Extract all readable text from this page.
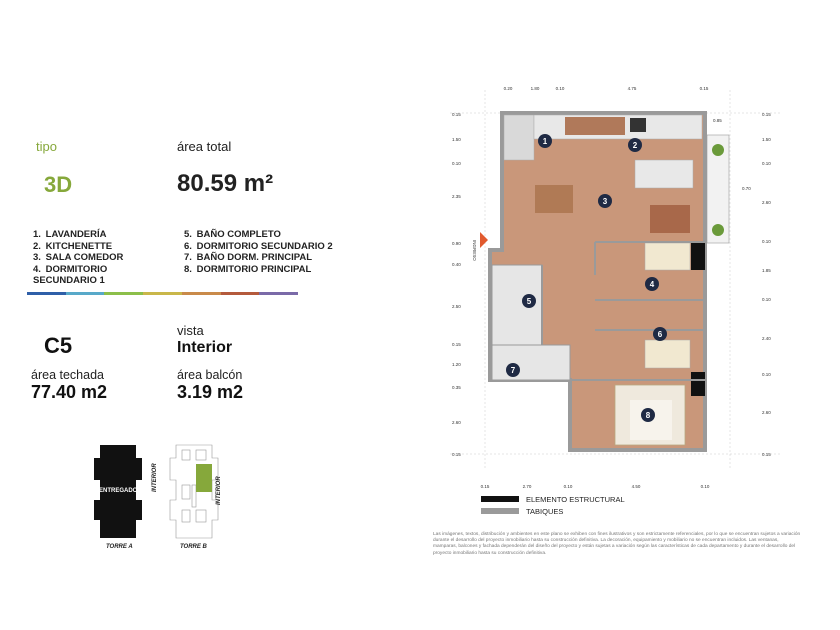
tipo
3D
área total
80.59 m²
1. LAVANDERÍA
2. KITCHENETTE
3. SALA COMEDOR
4. DORMITORIO SECUNDARIO 1
5. BAÑO COMPLETO
6. DORMITORIO SECUNDARIO 2
7. BAÑO DORM. PRINCIPAL
8. DORMITORIO PRINCIPAL
C5
vista
Interior
área techada
77.40 m2
área balcón
3.19 m2
ENTREGADO INTERIOR	INTERIOR
TORRE A	TORRE B
1	2
3
4
5
6
7
8
INGRESO
0.20	1.80	0.10	4.75	0.15
0.15	2.70	0.10	4.50	0.10
0.15
1.50
0.10
2.35
0.90
0.40
2.50
0.15
1.20
0.35
2.60
0.15
0.15
1.50
0.10
2.60
0.10
1.85
0.10
2.40
0.10
2.60
0.15
0.85
0.70
ELEMENTO ESTRUCTURAL
TABIQUES
Las imágenes, textos, distribución y ambientes en este plano se exhiben con fines ilustrativos y son estrictamente referenciales, por lo que se encuentran sujetos a variación durante el desarrollo del proyecto inmobiliario hasta su construcción definitiva. La decoración, equipamiento y mobiliario no se encuentran incluidos. Las ventanas, mamparas, balcones y fachada dependerán del diseño del proyecto y están sujetas a variación según las características de cada departamento y durante el desarrollo del proyecto inmobiliario hasta su construcción definitiva.
